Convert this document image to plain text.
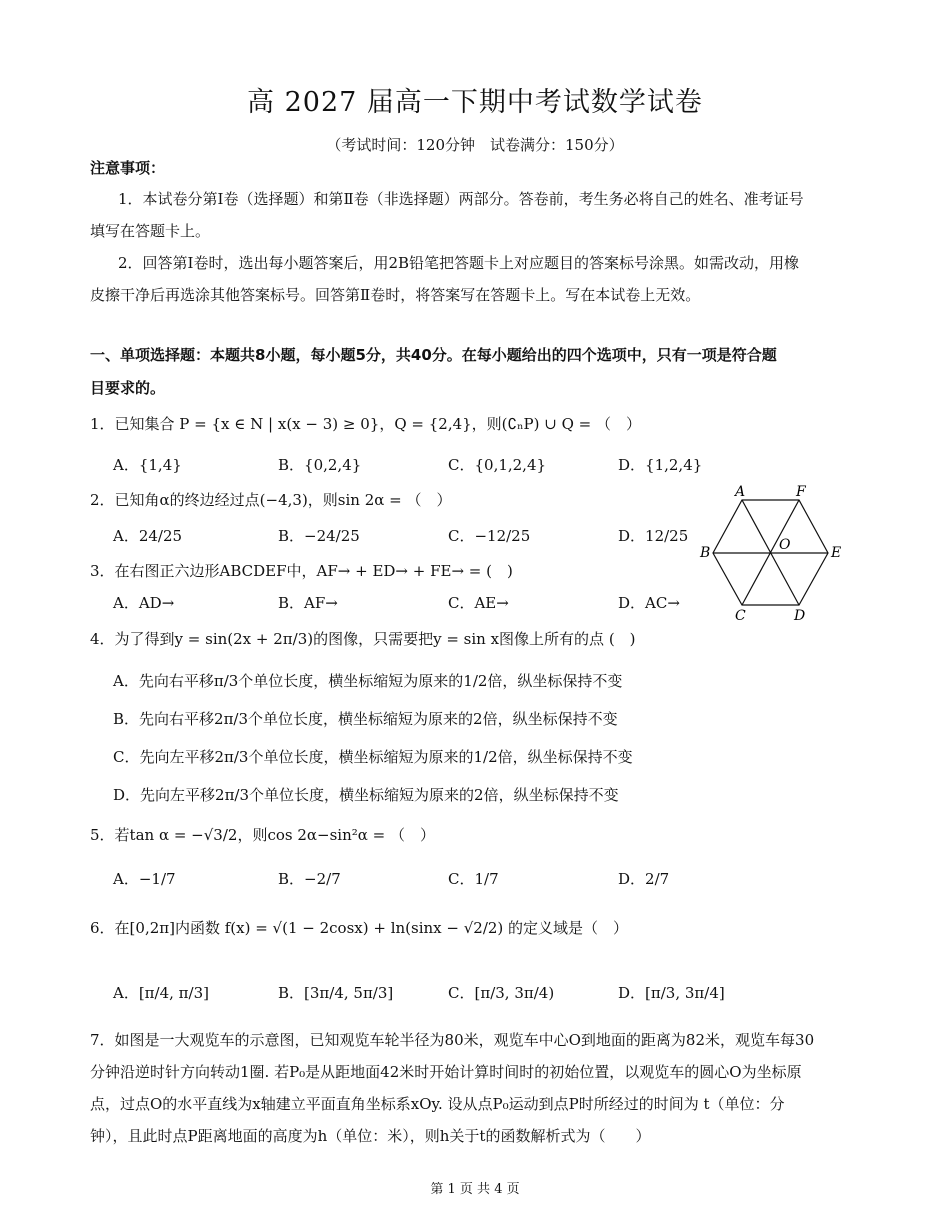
高 2027 届高一下期中考试数学试卷
（考试时间：120分钟　试卷满分：150分）
注意事项：
1．本试卷分第Ⅰ卷（选择题）和第Ⅱ卷（非选择题）两部分。答卷前，考生务必将自己的姓名、准考证号
填写在答题卡上。
2．回答第Ⅰ卷时，选出每小题答案后，用2B铅笔把答题卡上对应题目的答案标号涂黑。如需改动，用橡
皮擦干净后再选涂其他答案标号。回答第Ⅱ卷时，将答案写在答题卡上。写在本试卷上无效。
一、单项选择题：本题共8小题，每小题5分，共40分。在每小题给出的四个选项中，只有一项是符合题
目要求的。
1．已知集合 P = {x ∈ N | x(x − 3) ≥ 0}，Q = {2,4}，则(∁ₙP) ∪ Q = （　）
A．{1,4}	B．{0,2,4}	C．{0,1,2,4}	D．{1,2,4}
2．已知角α的终边经过点(−4,3)，则sin 2α = （　）
A．24/25	B．−24/25	C．−12/25	D．12/25
3．在右图正六边形ABCDEF中，AF→ + ED→ + FE→ = (　)
A．AD→	B．AF→	C．AE→	D．AC→
A	F
B	O	E
C	D
4．为了得到y = sin(2x + 2π/3)的图像，只需要把y = sin x图像上所有的点 (　)
A．先向右平移π/3个单位长度，横坐标缩短为原来的1/2倍，纵坐标保持不变
B．先向右平移2π/3个单位长度，横坐标缩短为原来的2倍，纵坐标保持不变
C．先向左平移2π/3个单位长度，横坐标缩短为原来的1/2倍，纵坐标保持不变
D．先向左平移2π/3个单位长度，横坐标缩短为原来的2倍，纵坐标保持不变
5．若tan α = −√3/2，则cos 2α−sin²α = （　）
A．−1/7	B．−2/7	C．1/7	D．2/7
6．在[0,2π]内函数 f(x) = √(1 − 2cosx) + ln(sinx − √2/2) 的定义域是（　）
A．[π/4, π/3]	B．[3π/4, 5π/3]	C．[π/3, 3π/4)	D．[π/3, 3π/4]
7．如图是一大观览车的示意图，已知观览车轮半径为80米，观览车中心O到地面的距离为82米，观览车每30
分钟沿逆时针方向转动1圈. 若P₀是从距地面42米时开始计算时间时的初始位置，以观览车的圆心O为坐标原
点，过点O的水平直线为x轴建立平面直角坐标系xOy. 设从点P₀运动到点P时所经过的时间为 t（单位：分
钟），且此时点P距离地面的高度为h（单位：米），则h关于t的函数解析式为（　　）
第 1 页 共 4 页
